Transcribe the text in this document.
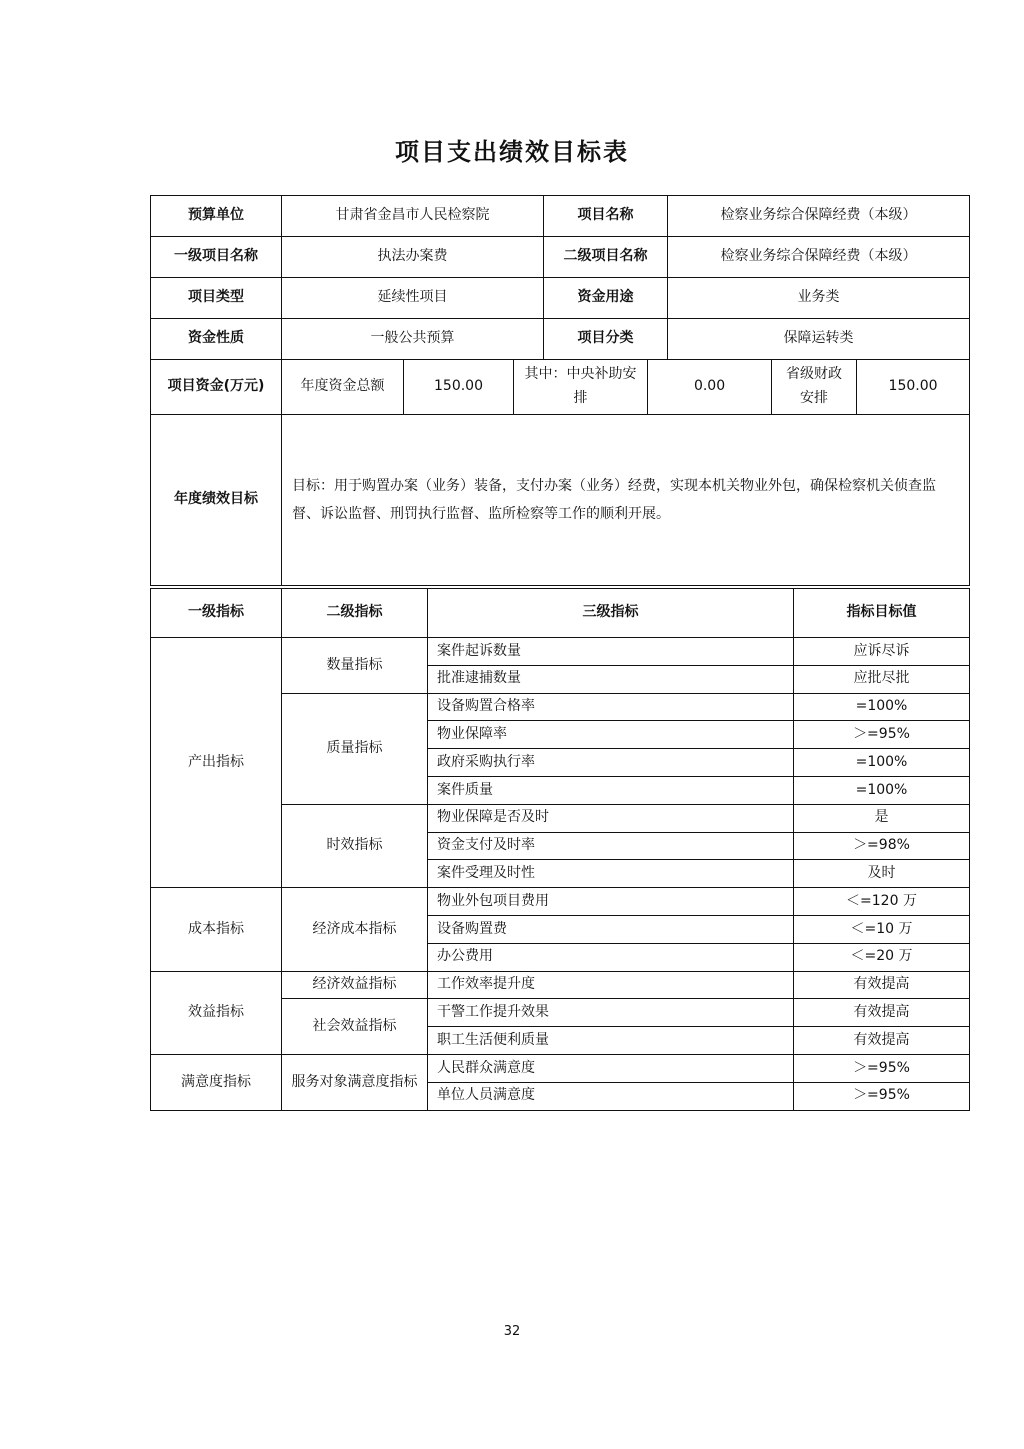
项目支出绩效目标表
预算单位	甘肃省金昌市人民检察院			项目名称		检察业务综合保障经费（本级）		
一级项目名称	执法办案费			二级项目名称		检察业务综合保障经费（本级）		
项目类型	延续性项目			资金用途		业务类		
资金性质	一般公共预算			项目分类		保障运转类		
项目资金(万元)	年度资金总额	150.00	其中：中央补助安排		0.00		省级财政安排	150.00
年度绩效目标	目标：用于购置办案（业务）装备，支付办案（业务）经费，实现本机关物业外包，确保检察机关侦查监督、诉讼监督、刑罚执行监督、监所检察等工作的顺利开展。							
一级指标	二级指标	三级指标	指标目标值
产出指标	数量指标	案件起诉数量	应诉尽诉
		批准逮捕数量	应批尽批
	质量指标	设备购置合格率	=100%
		物业保障率	＞=95%
		政府采购执行率	=100%
		案件质量	=100%
	时效指标	物业保障是否及时	是
		资金支付及时率	＞=98%
		案件受理及时性	及时
成本指标	经济成本指标	物业外包项目费用	＜=120 万
		设备购置费	＜=10 万
		办公费用	＜=20 万
效益指标	经济效益指标	工作效率提升度	有效提高
	社会效益指标	干警工作提升效果	有效提高
		职工生活便利质量	有效提高
满意度指标	服务对象满意度指标	人民群众满意度	＞=95%
		单位人员满意度	＞=95%
32
